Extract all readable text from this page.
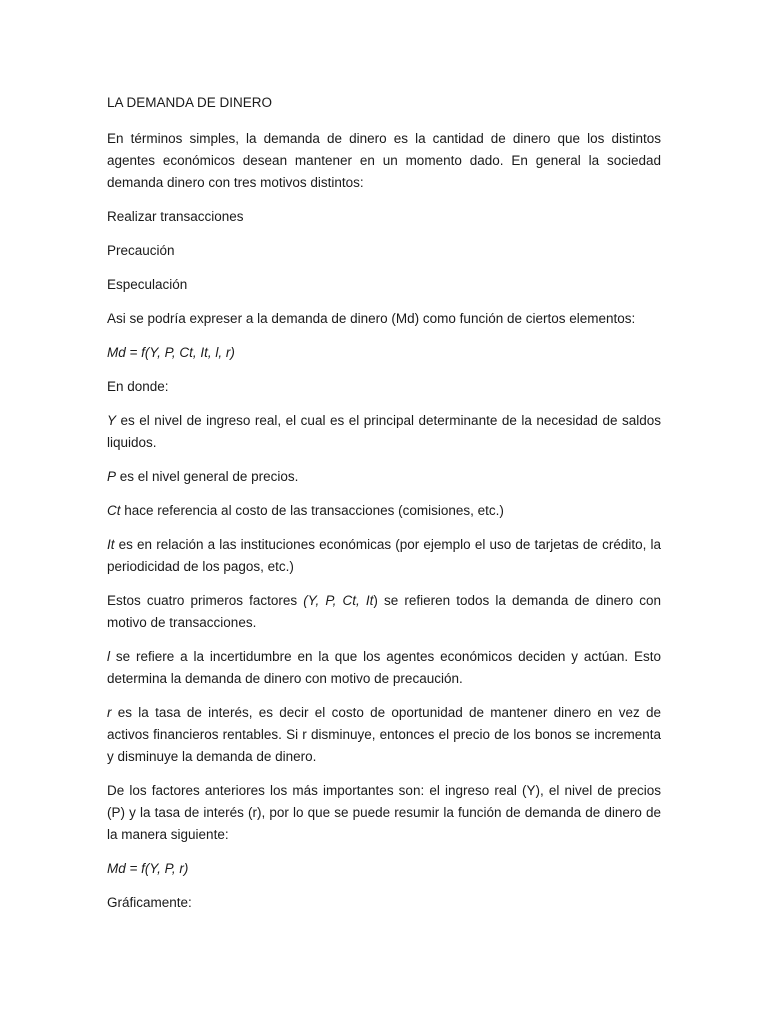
LA DEMANDA DE DINERO

En términos simples, la demanda de dinero es la cantidad de dinero que los distintos agentes económicos desean mantener en un momento dado. En general la sociedad demanda dinero con tres motivos distintos:

Realizar transacciones

Precaución

Especulación

Asi se podría expreser a la demanda de dinero (Md) como función de ciertos elementos:

Md = f(Y, P, Ct, It, l, r)

En donde:

Y es el nivel de ingreso real, el cual es el principal determinante de la necesidad de saldos liquidos.

P es el nivel general de precios.

Ct hace referencia al costo de las transacciones (comisiones, etc.)

It es en relación a las instituciones económicas (por ejemplo el uso de tarjetas de crédito, la periodicidad de los pagos, etc.)

Estos cuatro primeros factores (Y, P, Ct, It) se refieren todos la demanda de dinero con motivo de transacciones.

l se refiere a la incertidumbre en la que los agentes económicos deciden y actúan. Esto determina la demanda de dinero con motivo de precaución.

r es la tasa de interés, es decir el costo de oportunidad de mantener dinero en vez de activos financieros rentables. Si r disminuye, entonces el precio de los bonos se incrementa y disminuye la demanda de dinero.

De los factores anteriores los más importantes son: el ingreso real (Y), el nivel de precios (P) y la tasa de interés (r), por lo que se puede resumir la función de demanda de dinero de la manera siguiente:

Md = f(Y, P, r)

Gráficamente:
